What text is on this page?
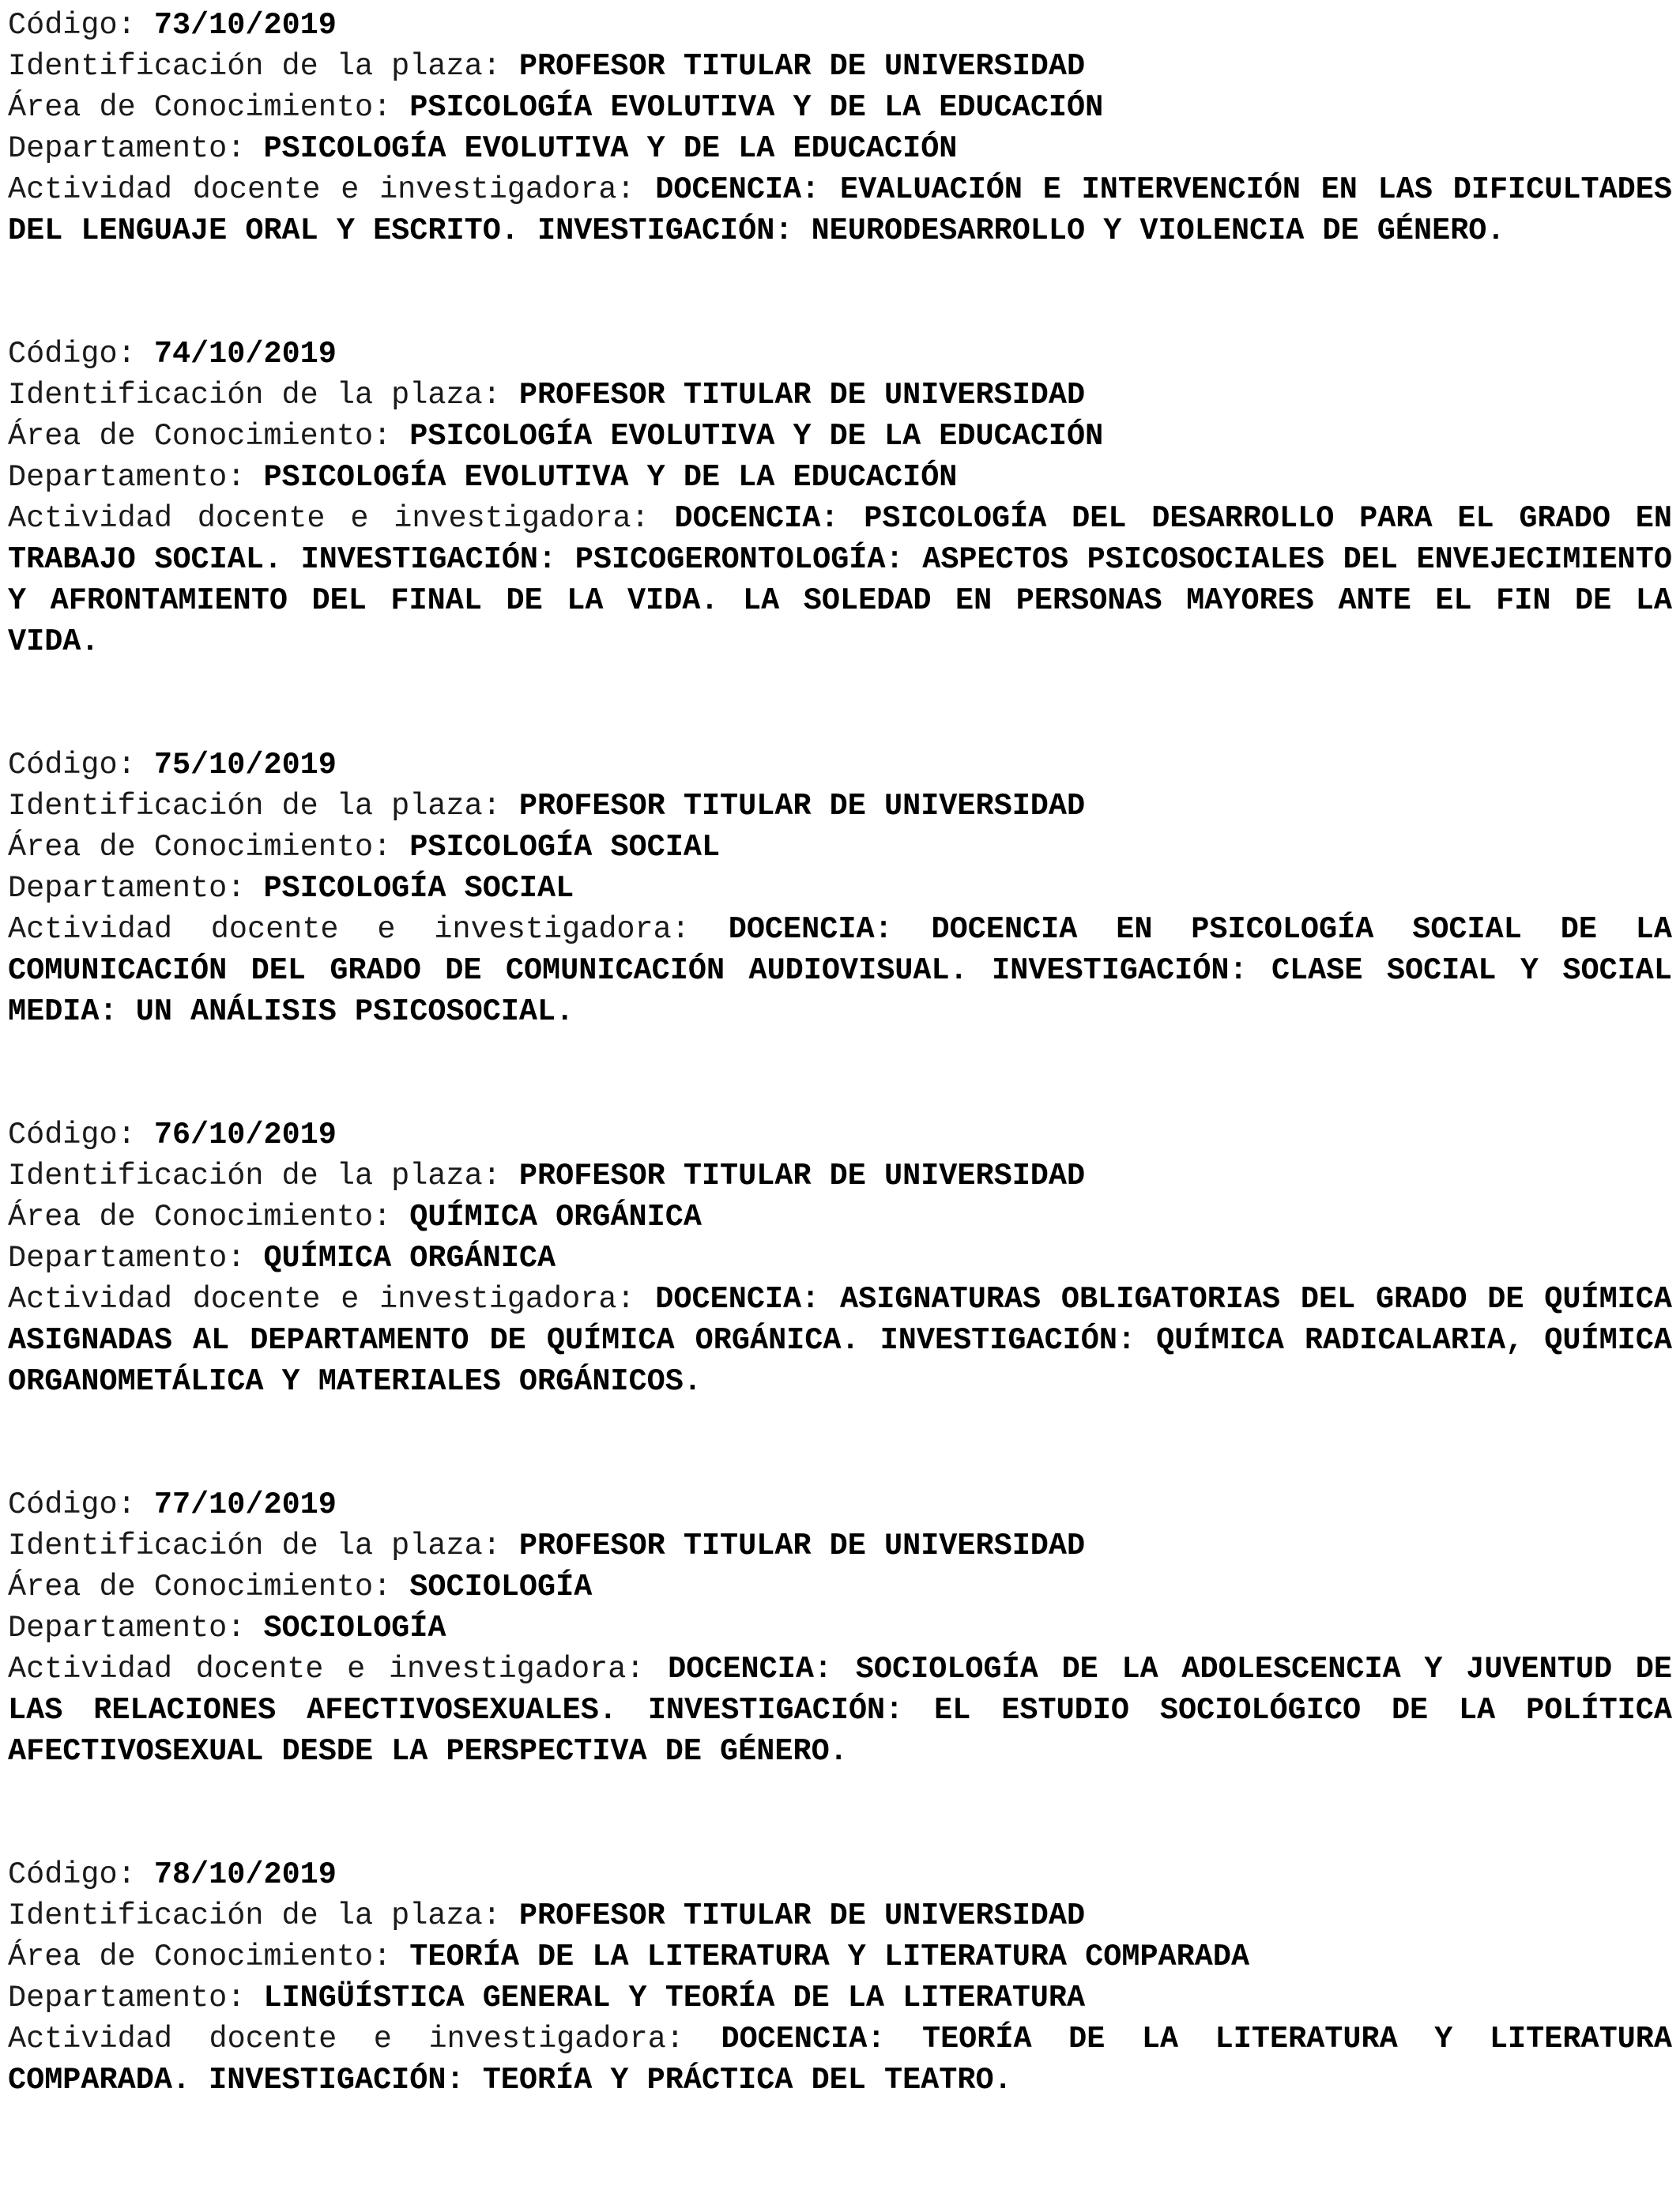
Código: 73/10/2019

Identificación de la plaza: PROFESOR TITULAR DE UNIVERSIDAD

Área de Conocimiento: PSICOLOGÍA EVOLUTIVA Y DE LA EDUCACIÓN

Departamento: PSICOLOGÍA EVOLUTIVA Y DE LA EDUCACIÓN

Actividad docente e investigadora: DOCENCIA: EVALUACIÓN E INTERVENCIÓN EN LAS DIFICULTADES DEL LENGUAJE ORAL Y ESCRITO. INVESTIGACIÓN: NEURODESARROLLO Y VIOLENCIA DE GÉNERO.

Código: 74/10/2019

Identificación de la plaza: PROFESOR TITULAR DE UNIVERSIDAD

Área de Conocimiento: PSICOLOGÍA EVOLUTIVA Y DE LA EDUCACIÓN

Departamento: PSICOLOGÍA EVOLUTIVA Y DE LA EDUCACIÓN

Actividad docente e investigadora: DOCENCIA: PSICOLOGÍA DEL DESARROLLO PARA EL GRADO EN TRABAJO SOCIAL. INVESTIGACIÓN: PSICOGERONTOLOGÍA: ASPECTOS PSICOSOCIALES DEL ENVEJECIMIENTO Y AFRONTAMIENTO DEL FINAL DE LA VIDA. LA SOLEDAD EN PERSONAS MAYORES ANTE EL FIN DE LA VIDA.

Código: 75/10/2019

Identificación de la plaza: PROFESOR TITULAR DE UNIVERSIDAD

Área de Conocimiento: PSICOLOGÍA SOCIAL

Departamento: PSICOLOGÍA SOCIAL

Actividad docente e investigadora: DOCENCIA: DOCENCIA EN PSICOLOGÍA SOCIAL DE LA COMUNICACIÓN DEL GRADO DE COMUNICACIÓN AUDIOVISUAL. INVESTIGACIÓN: CLASE SOCIAL Y SOCIAL MEDIA: UN ANÁLISIS PSICOSOCIAL.

Código: 76/10/2019

Identificación de la plaza: PROFESOR TITULAR DE UNIVERSIDAD

Área de Conocimiento: QUÍMICA ORGÁNICA

Departamento: QUÍMICA ORGÁNICA

Actividad docente e investigadora: DOCENCIA: ASIGNATURAS OBLIGATORIAS DEL GRADO DE QUÍMICA ASIGNADAS AL DEPARTAMENTO DE QUÍMICA ORGÁNICA. INVESTIGACIÓN: QUÍMICA RADICALARIA, QUÍMICA ORGANOMETÁLICA Y MATERIALES ORGÁNICOS.

Código: 77/10/2019

Identificación de la plaza: PROFESOR TITULAR DE UNIVERSIDAD

Área de Conocimiento: SOCIOLOGÍA

Departamento: SOCIOLOGÍA

Actividad docente e investigadora: DOCENCIA: SOCIOLOGÍA DE LA ADOLESCENCIA Y JUVENTUD DE LAS RELACIONES AFECTIVOSEXUALES. INVESTIGACIÓN: EL ESTUDIO SOCIOLÓGICO DE LA POLÍTICA AFECTIVOSEXUAL DESDE LA PERSPECTIVA DE GÉNERO.

Código: 78/10/2019

Identificación de la plaza: PROFESOR TITULAR DE UNIVERSIDAD

Área de Conocimiento: TEORÍA DE LA LITERATURA Y LITERATURA COMPARADA

Departamento: LINGÜÍSTICA GENERAL Y TEORÍA DE LA LITERATURA

Actividad docente e investigadora: DOCENCIA: TEORÍA DE LA LITERATURA Y LITERATURA COMPARADA. INVESTIGACIÓN: TEORÍA Y PRÁCTICA DEL TEATRO.
